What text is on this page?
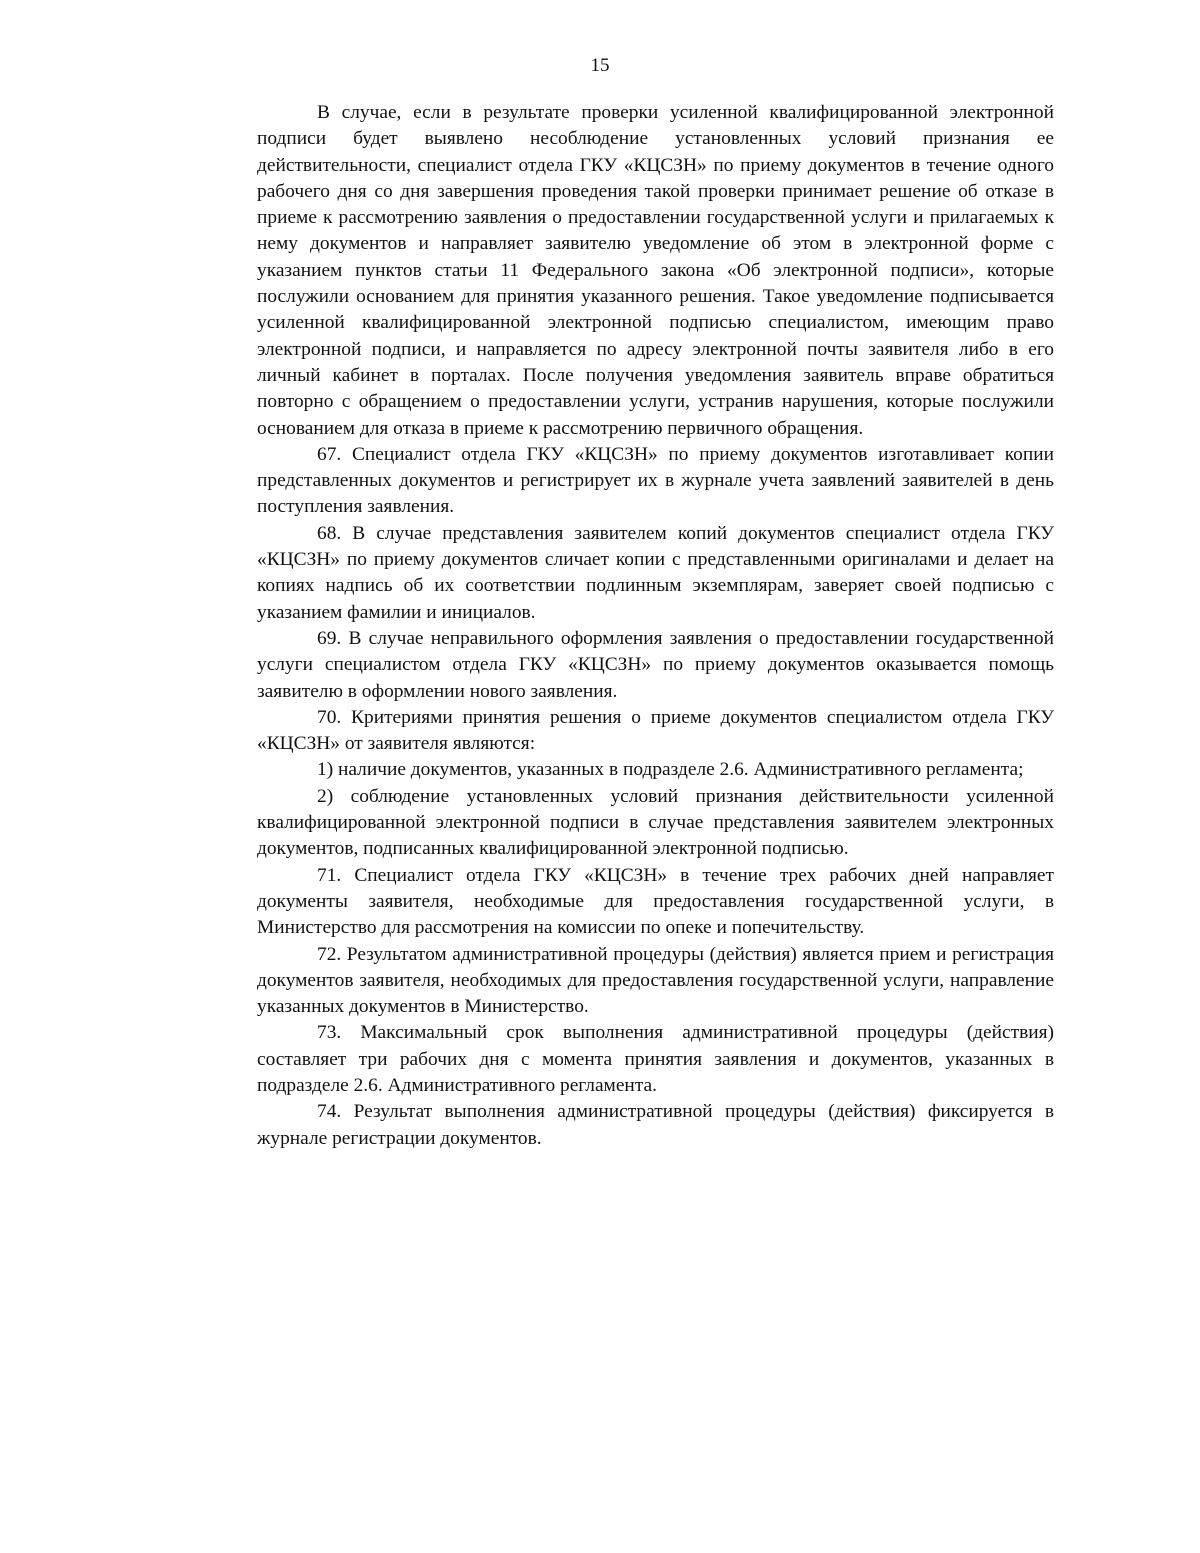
15

В случае, если в результате проверки усиленной квалифицированной электронной подписи будет выявлено несоблюдение установленных условий признания ее действительности, специалист отдела ГКУ «КЦСЗН» по приему документов в течение одного рабочего дня со дня завершения проведения такой проверки принимает решение об отказе в приеме к рассмотрению заявления о предоставлении государственной услуги и прилагаемых к нему документов и направляет заявителю уведомление об этом в электронной форме с указанием пунктов статьи 11 Федерального закона «Об электронной подписи», которые послужили основанием для принятия указанного решения. Такое уведомление подписывается усиленной квалифицированной электронной подписью специалистом, имеющим право электронной подписи, и направляется по адресу электронной почты заявителя либо в его личный кабинет в порталах. После получения уведомления заявитель вправе обратиться повторно с обращением о предоставлении услуги, устранив нарушения, которые послужили основанием для отказа в приеме к рассмотрению первичного обращения.

67. Специалист отдела ГКУ «КЦСЗН» по приему документов изготавливает копии представленных документов и регистрирует их в журнале учета заявлений заявителей в день поступления заявления.

68. В случае представления заявителем копий документов специалист отдела ГКУ «КЦСЗН» по приему документов сличает копии с представленными оригиналами и делает на копиях надпись об их соответствии подлинным экземплярам, заверяет своей подписью с указанием фамилии и инициалов.

69. В случае неправильного оформления заявления о предоставлении государственной услуги специалистом отдела ГКУ «КЦСЗН» по приему документов оказывается помощь заявителю в оформлении нового заявления.

70. Критериями принятия решения о приеме документов специалистом отдела ГКУ «КЦСЗН» от заявителя являются:

1) наличие документов, указанных в подразделе 2.6. Административного регламента;

2) соблюдение установленных условий признания действительности усиленной квалифицированной электронной подписи в случае представления заявителем электронных документов, подписанных квалифицированной электронной подписью.

71. Специалист отдела ГКУ «КЦСЗН» в течение трех рабочих дней направляет документы заявителя, необходимые для предоставления государственной услуги, в Министерство для рассмотрения на комиссии по опеке и попечительству.

72. Результатом административной процедуры (действия) является прием и регистрация документов заявителя, необходимых для предоставления государственной услуги, направление указанных документов в Министерство.

73. Максимальный срок выполнения административной процедуры (действия) составляет три рабочих дня с момента принятия заявления и документов, указанных в подразделе 2.6. Административного регламента.

74. Результат выполнения административной процедуры (действия) фиксируется в журнале регистрации документов.
